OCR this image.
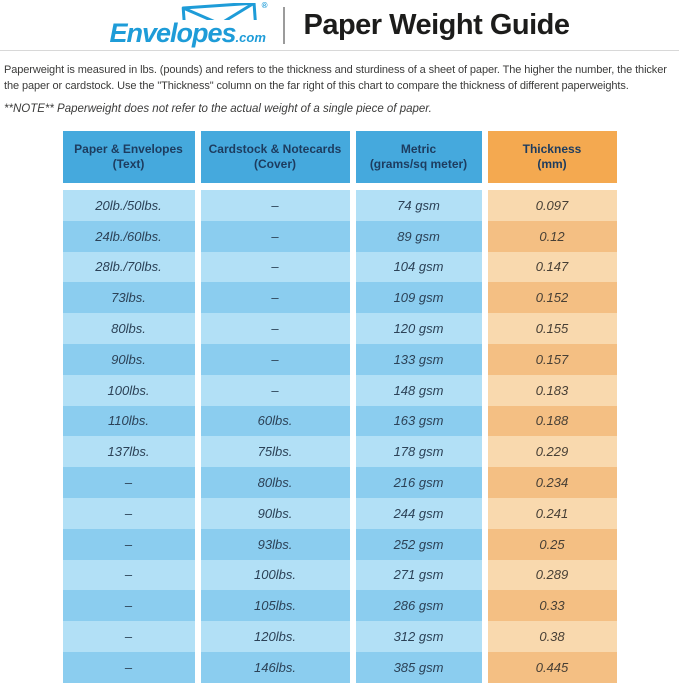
®
Envelopes.com Paper Weight Guide
Paperweight is measured in lbs. (pounds) and refers to the thickness and sturdiness of a sheet of paper. The higher the number, the thicker
the paper or cardstock. Use the "Thickness" column on the far right of this chart to compare the thickness of different paperweights.
**NOTE** Paperweight does not refer to the actual weight of a single piece of paper.
Paper & Envelopes
(Text)
Cardstock & Notecards
(Cover)
Metric
(grams/sq meter)
Thickness
(mm)
20lb./50lbs.	–	74 gsm	0.097
24lb./60lbs.	–	89 gsm	0.12
28lb./70lbs.	–	104 gsm	0.147
73lbs.	–	109 gsm	0.152
80lbs.	–	120 gsm	0.155
90lbs.	–	133 gsm	0.157
100lbs.	–	148 gsm	0.183
110lbs.	60lbs.	163 gsm	0.188
137lbs.	75lbs.	178 gsm	0.229
–	80lbs.	216 gsm	0.234
–	90lbs.	244 gsm	0.241
–	93lbs.	252 gsm	0.25
–	100lbs.	271 gsm	0.289
–	105lbs.	286 gsm	0.33
–	120lbs.	312 gsm	0.38
–	146lbs.	385 gsm	0.445
